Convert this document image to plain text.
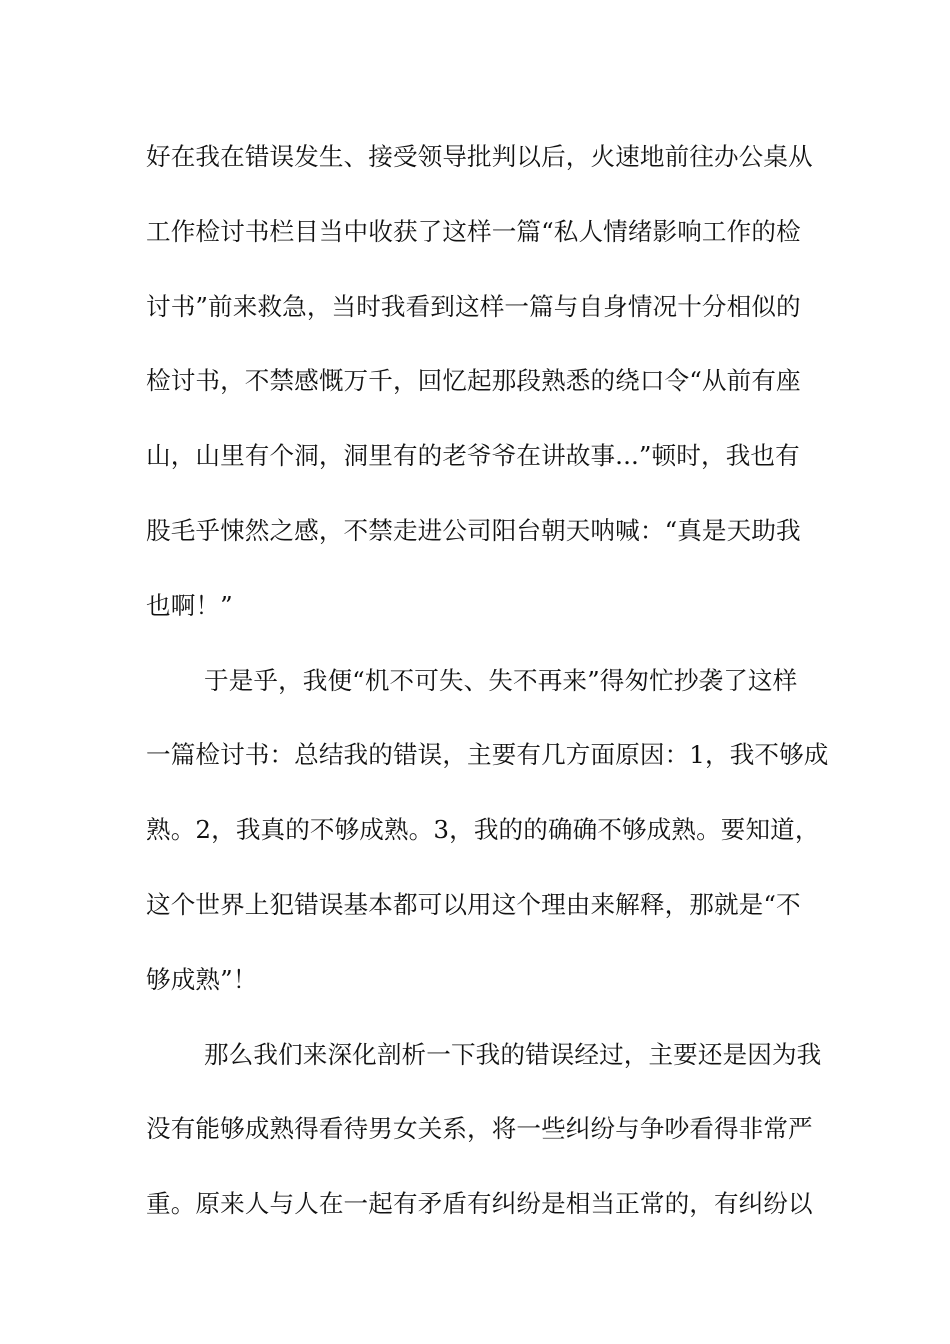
好在我在错误发生、接受领导批判以后，火速地前往办公桌从
工作检讨书栏目当中收获了这样一篇“私人情绪影响工作的检
讨书”前来救急，当时我看到这样一篇与自身情况十分相似的
检讨书，不禁感慨万千，回忆起那段熟悉的绕口令“从前有座
山，山里有个洞，洞里有的老爷爷在讲故事...”顿时，我也有
股毛乎悚然之感，不禁走进公司阳台朝天呐喊：“真是天助我
也啊！”
于是乎，我便“机不可失、失不再来”得匆忙抄袭了这样
一篇检讨书：总结我的错误，主要有几方面原因：1，我不够成
熟。2，我真的不够成熟。3，我的的确确不够成熟。要知道，
这个世界上犯错误基本都可以用这个理由来解释，那就是“不
够成熟”！
那么我们来深化剖析一下我的错误经过，主要还是因为我
没有能够成熟得看待男女关系，将一些纠纷与争吵看得非常严
重。原来人与人在一起有矛盾有纠纷是相当正常的，有纠纷以
